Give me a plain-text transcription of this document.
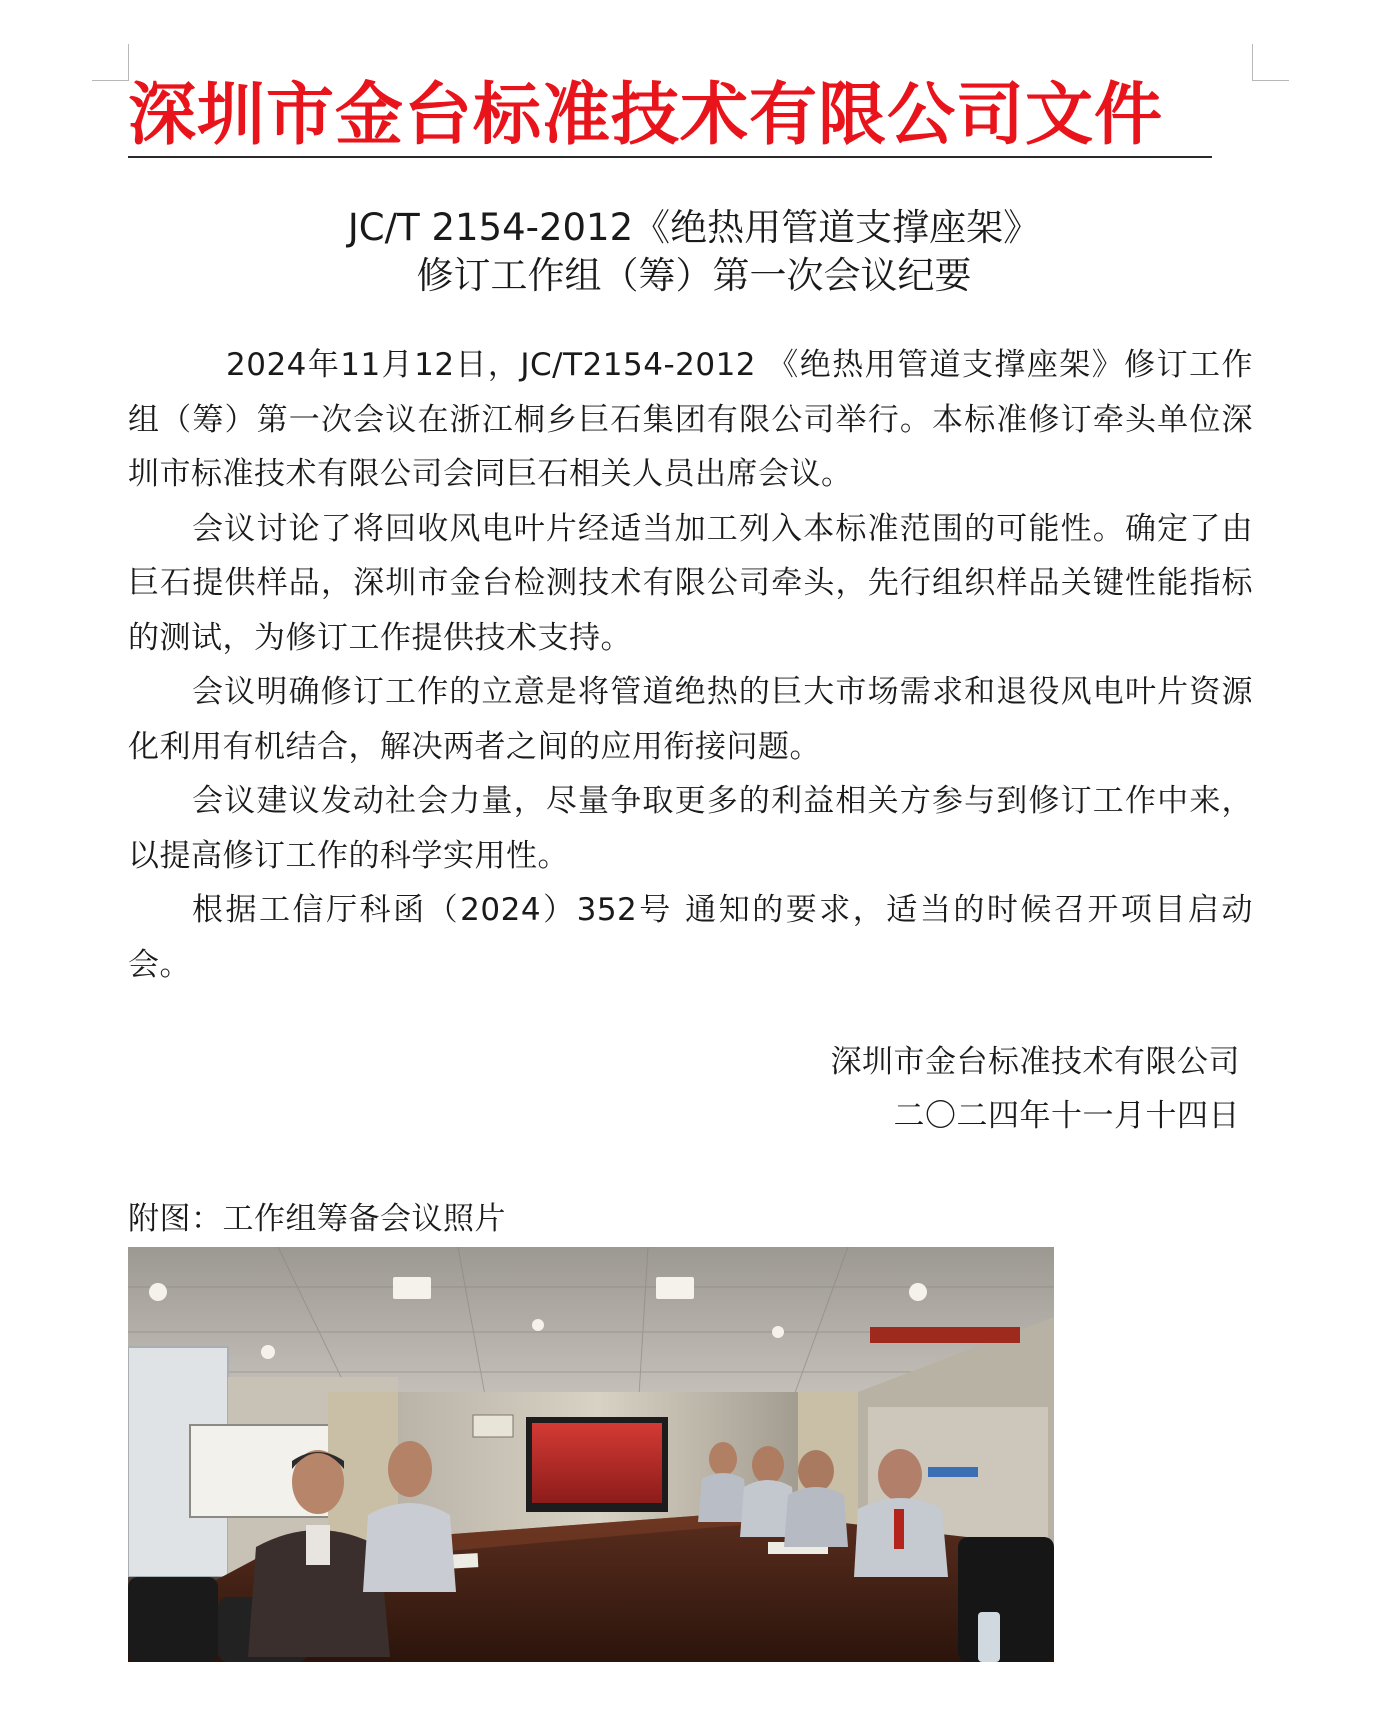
深圳市金台标准技术有限公司文件
JC/T 2154-2012《绝热用管道支撑座架》
修订工作组（筹）第一次会议纪要

2024年11月12日，JC/T2154-2012 《绝热用管道支撑座架》修订工作组（筹）第一次会议在浙江桐乡巨石集团有限公司举行。本标准修订牵头单位深圳市标准技术有限公司会同巨石相关人员出席会议。

会议讨论了将回收风电叶片经适当加工列入本标准范围的可能性。确定了由巨石提供样品，深圳市金台检测技术有限公司牵头，先行组织样品关键性能指标的测试，为修订工作提供技术支持。

会议明确修订工作的立意是将管道绝热的巨大市场需求和退役风电叶片资源化利用有机结合，解决两者之间的应用衔接问题。

会议建议发动社会力量，尽量争取更多的利益相关方参与到修订工作中来，以提高修订工作的科学实用性。

根据工信厅科函（2024）352号 通知的要求，适当的时候召开项目启动会。

深圳市金台标准技术有限公司
二〇二四年十一月十四日
附图：工作组筹备会议照片
